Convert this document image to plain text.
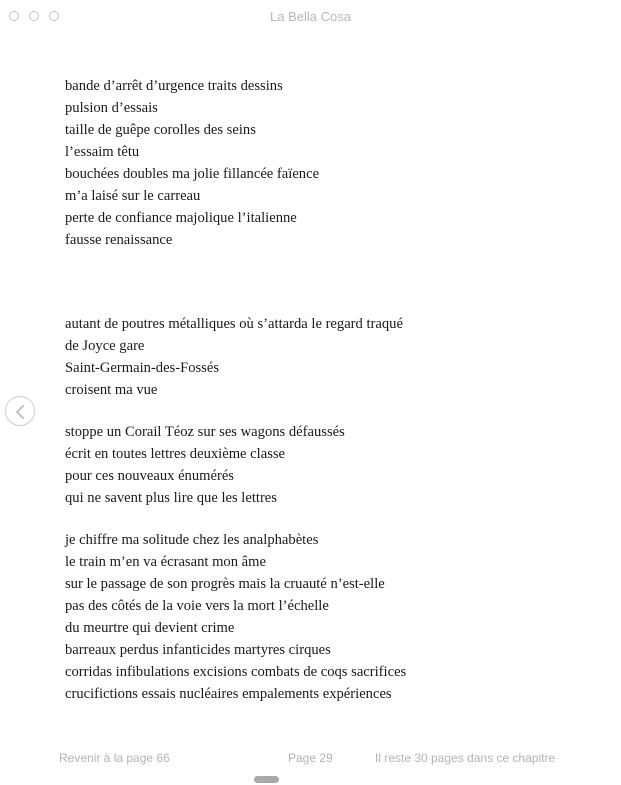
La Bella Cosa
bande d’arrêt d’urgence traits dessins
pulsion d’essais
taille de guêpe corolles des seins
l’essaim têtu
bouchées doubles ma jolie fillancée faïence
m’a laisé sur le carreau
perte de confiance majolique l’italienne
fausse renaissance
autant de poutres métalliques où s’attarda le regard traqué
de Joyce gare
Saint-Germain-des-Fossés
croisent ma vue
stoppe un Corail Téoz sur ses wagons défaussés
écrit en toutes lettres deuxième classe
pour ces nouveaux énumérés
qui ne savent plus lire que les lettres
je chiffre ma solitude chez les analphabètes
le train m’en va écrasant mon âme
sur le passage de son progrès mais la cruauté n’est-elle
pas des côtés de la voie vers la mort l’échelle
du meurtre qui devient crime
barreaux perdus infanticides martyres cirques
corridas infibulations excisions combats de coqs sacrifices
crucifictions essais nucléaires empalements expériences
Revenir à la page 66	Page 29	Il reste 30 pages dans ce chapitre
